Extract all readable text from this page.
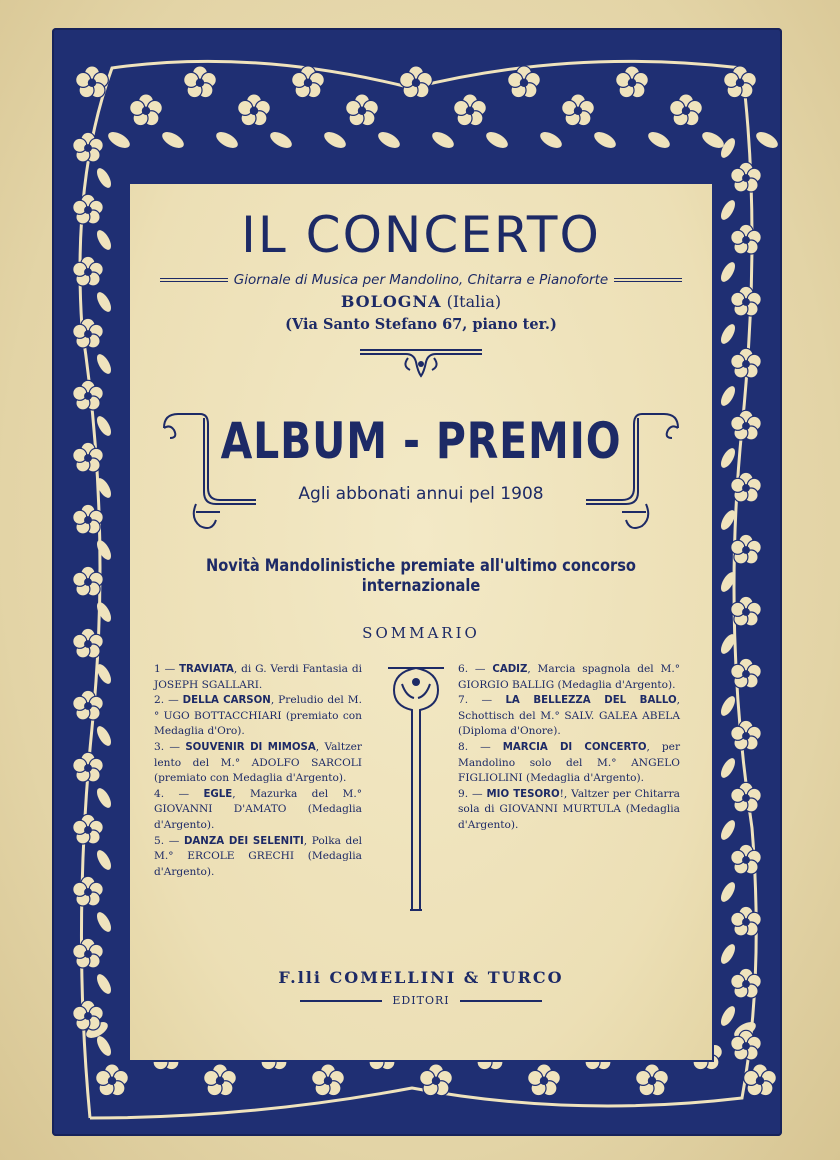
IL CONCERTO
Giornale di Musica per Mandolino, Chitarra e Pianoforte
BOLOGNA (Italia)
(Via Santo Stefano 67, piano ter.)
ALBUM - PREMIO
Agli abbonati annui pel 1908
Novità Mandolinistiche premiate all'ultimo concorso internazionale
SOMMARIO

1 — TRAVIATA, di G. Verdi Fantasia di JOSEPH SGALLARI.

2. — DELLA CARSON, Preludio del M.° UGO BOTTACCHIARI (premiato con Medaglia d'Oro).

3. — SOUVENIR DI MIMOSA, Valtzer lento del M.° ADOLFO SARCOLI (premiato con Medaglia d'Argento).

4. — EGLE, Mazurka del M.° GIOVANNI D'AMATO (Medaglia d'Argento).

5. — DANZA DEI SELENITI, Polka del M.° ERCOLE GRECHI (Medaglia d'Argento).

6. — CADIZ, Marcia spagnola del M.° GIORGIO BALLIG (Medaglia d'Argento).

7. — LA BELLEZZA DEL BALLO, Schottisch del M.° SALV. GALEA ABELA (Diploma d'Onore).

8. — MARCIA DI CONCERTO, per Mandolino solo del M.° ANGELO FIGLIOLINI (Medaglia d'Argento).

9. — MIO TESORO!, Valtzer per Chitarra sola di GIOVANNI MURTULA (Medaglia d'Argento).

F.lli COMELLINI & TURCO
EDITORI
